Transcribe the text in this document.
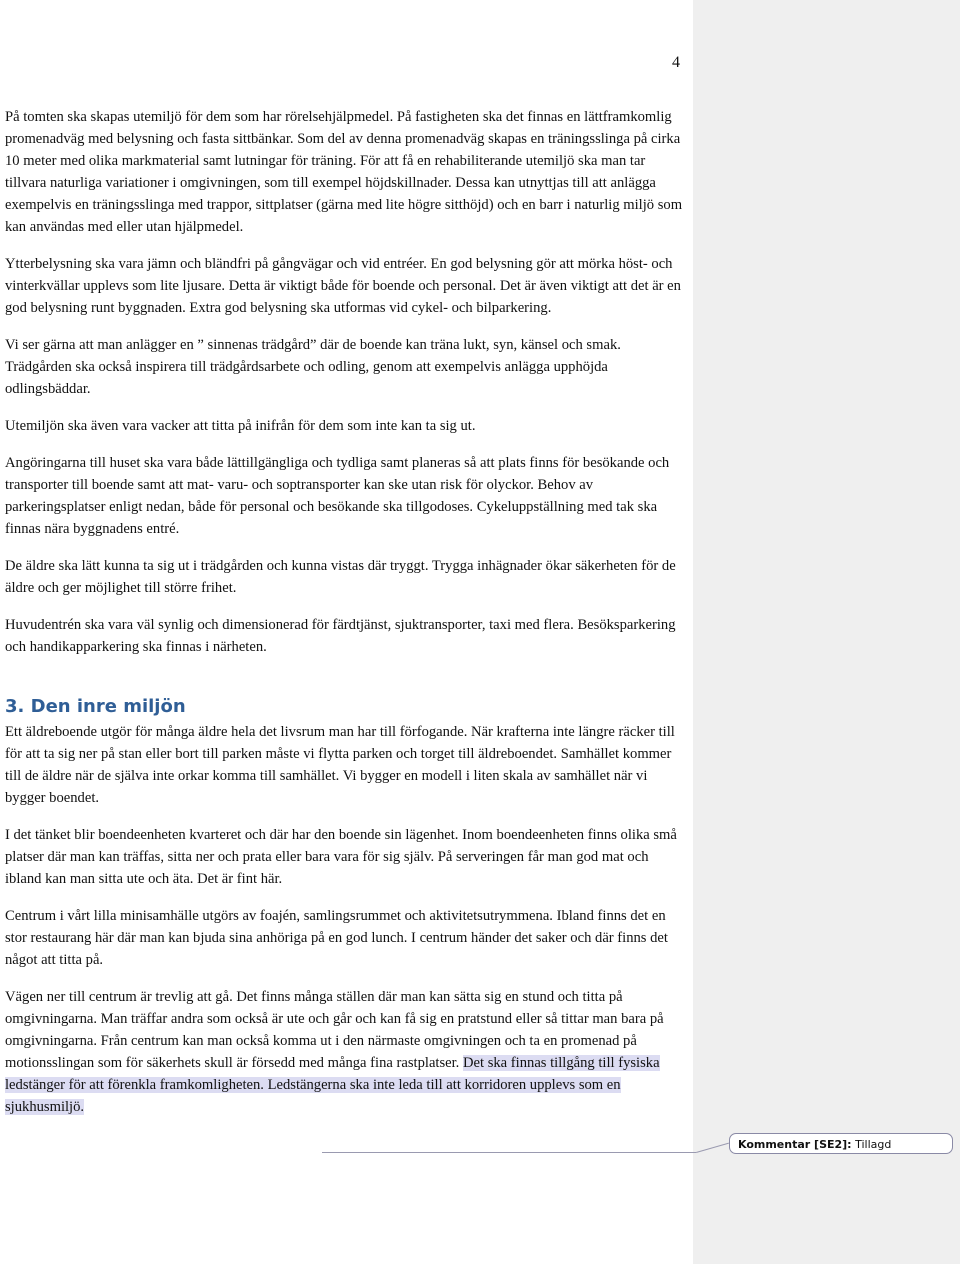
4

På tomten ska skapas utemiljö för dem som har rörelsehjälpmedel. På fastigheten ska det finnas en lättframkomlig promenadväg med belysning och fasta sittbänkar. Som del av denna promenadväg skapas en träningsslinga på cirka 10 meter med olika markmaterial samt lutningar för träning. För att få en rehabiliterande utemiljö ska man tar tillvara naturliga variationer i omgivningen, som till exempel höjdskillnader. Dessa kan utnyttjas till att anlägga exempelvis en träningsslinga med trappor, sittplatser (gärna med lite högre sitthöjd) och en barr i naturlig miljö som kan användas med eller utan hjälpmedel.

Ytterbelysning ska vara jämn och bländfri på gångvägar och vid entréer. En god belysning gör att mörka höst- och vinterkvällar upplevs som lite ljusare. Detta är viktigt både för boende och personal. Det är även viktigt att det är en god belysning runt byggnaden. Extra god belysning ska utformas vid cykel- och bilparkering.

Vi ser gärna att man anlägger en ” sinnenas trädgård” där de boende kan träna lukt, syn, känsel och smak. Trädgården ska också inspirera till trädgårdsarbete och odling, genom att exempelvis anlägga upphöjda odlingsbäddar.

Utemiljön ska även vara vacker att titta på inifrån för dem som inte kan ta sig ut.

Angöringarna till huset ska vara både lättillgängliga och tydliga samt planeras så att plats finns för besökande och transporter till boende samt att mat- varu- och soptransporter kan ske utan risk för olyckor. Behov av parkeringsplatser enligt nedan, både för personal och besökande ska tillgodoses. Cykeluppställning med tak ska finnas nära byggnadens entré.

De äldre ska lätt kunna ta sig ut i trädgården och kunna vistas där tryggt. Trygga inhägnader ökar säkerheten för de äldre och ger möjlighet till större frihet.

Huvudentrén ska vara väl synlig och dimensionerad för färdtjänst, sjuktransporter, taxi med flera. Besöksparkering och handikapparkering ska finnas i närheten.

3. Den inre miljön

Ett äldreboende utgör för många äldre hela det livsrum man har till förfogande. När krafterna inte längre räcker till för att ta sig ner på stan eller bort till parken måste vi flytta parken och torget till äldreboendet. Samhället kommer till de äldre när de själva inte orkar komma till samhället. Vi bygger en modell i liten skala av samhället när vi bygger boendet.

I det tänket blir boendeenheten kvarteret och där har den boende sin lägenhet. Inom boendeenheten finns olika små platser där man kan träffas, sitta ner och prata eller bara vara för sig själv. På serveringen får man god mat och ibland kan man sitta ute och äta. Det är fint här.

Centrum i vårt lilla minisamhälle utgörs av foajén, samlingsrummet och aktivitetsutrymmena. Ibland finns det en stor restaurang här där man kan bjuda sina anhöriga på en god lunch. I centrum händer det saker och där finns det något att titta på.

Vägen ner till centrum är trevlig att gå. Det finns många ställen där man kan sätta sig en stund och titta på omgivningarna. Man träffar andra som också är ute och går och kan få sig en pratstund eller så tittar man bara på omgivningarna. Från centrum kan man också komma ut i den närmaste omgivningen och ta en promenad på motionsslingan som för säkerhets skull är försedd med många fina rastplatser. Det ska finnas tillgång till fysiska ledstänger för att förenkla framkomligheten. Ledstängerna ska inte leda till att korridoren upplevs som en sjukhusmiljö.

Kommentar [SE2]: Tillagd
